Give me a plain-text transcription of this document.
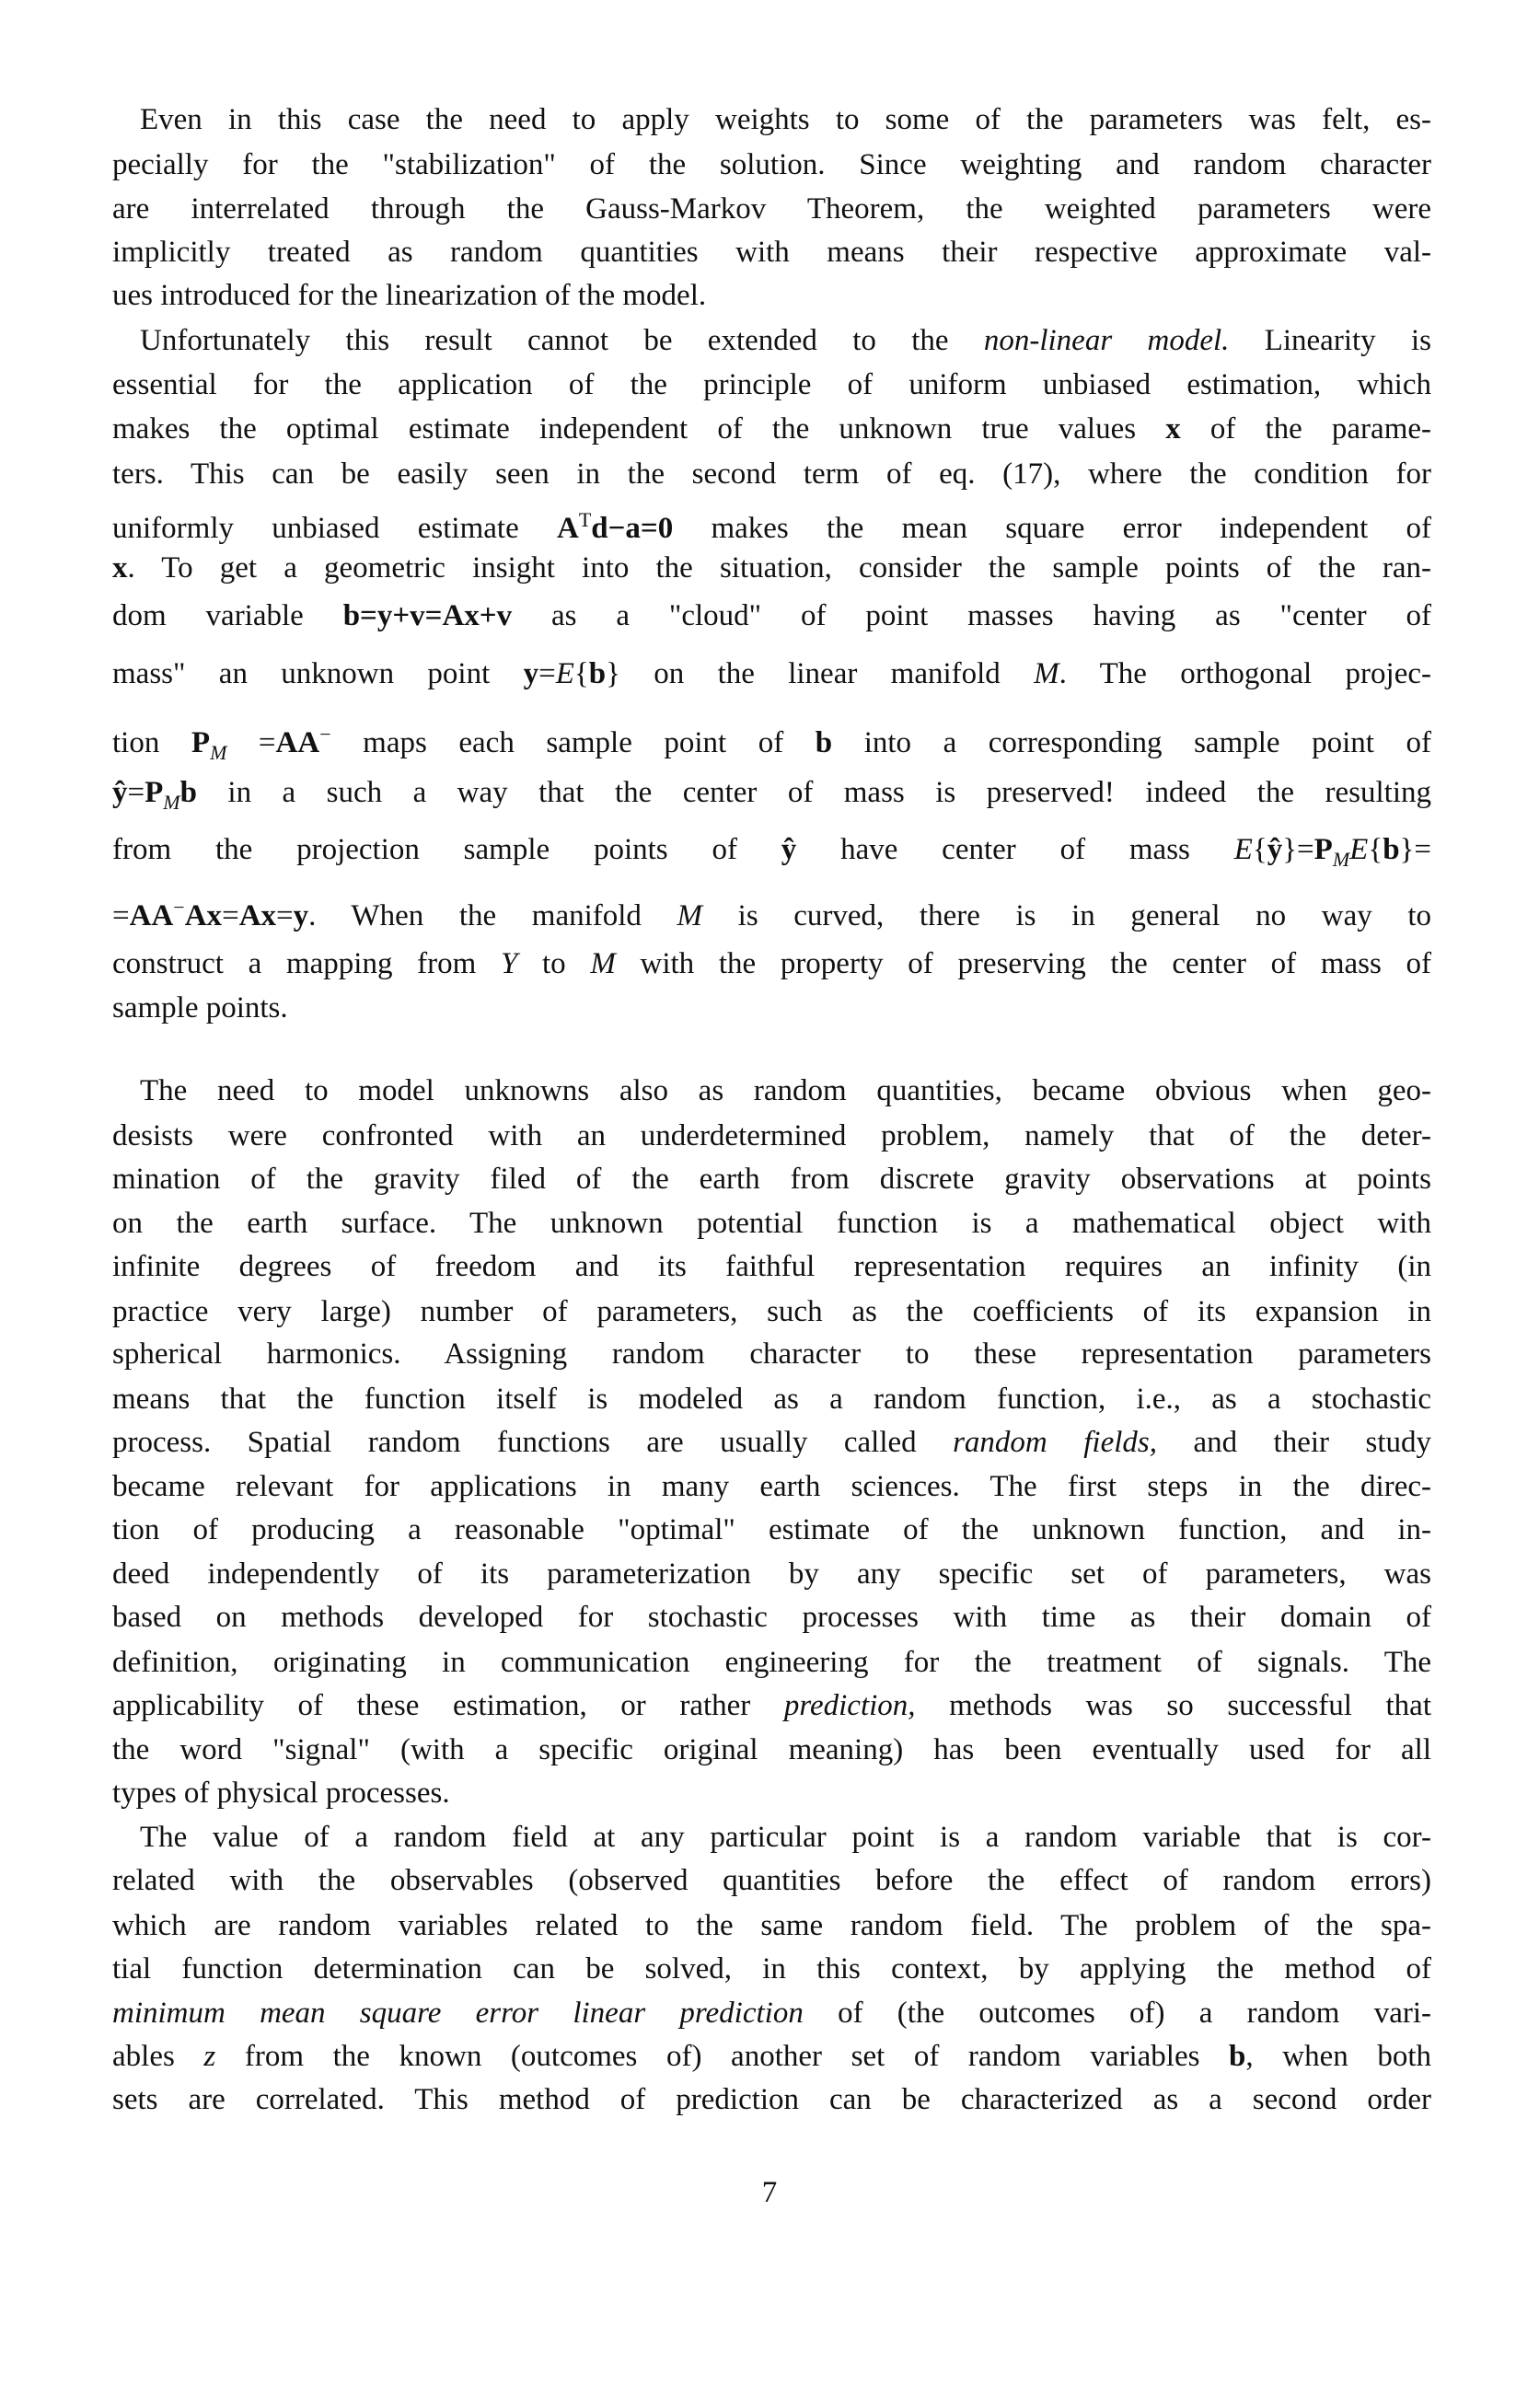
Even in this case the need to apply weights to some of the parameters was felt, es-
pecially for the "stabilization" of the solution. Since weighting and random character
are interrelated through the Gauss-Markov Theorem, the weighted parameters were
implicitly treated as random quantities with means their respective approximate val-
ues introduced for the linearization of the model.
Unfortunately this result cannot be extended to the non-linear model. Linearity is
essential for the application of the principle of uniform unbiased estimation, which
makes the optimal estimate independent of the unknown true values x of the parame-
ters. This can be easily seen in the second term of eq. (17), where the condition for
uniformly unbiased estimate $A^Td-a=0$ makes the mean square error independent of
x. To get a geometric insight into the situation, consider the sample points of the ran-
dom variable b=y+v=Ax+v as a "cloud" of point masses having as "center of
mass" an unknown point y=E{b} on the linear manifold M. The orthogonal projec-
tion $P_M =AA^-$ maps each sample point of b into a corresponding sample point of
$ŷ=P_Mb$ in a such a way that the center of mass is preserved! indeed the resulting
from the projection sample points of ŷ have center of mass $E\{ŷ\}=P_ME\{b\}=$
=AA−Ax=Ax=y. When the manifold M is curved, there is in general no way to
construct a mapping from Y to M with the property of preserving the center of mass of
sample points.
The need to model unknowns also as random quantities, became obvious when geo-
desists were confronted with an underdetermined problem, namely that of the deter-
mination of the gravity filed of the earth from discrete gravity observations at points
on the earth surface. The unknown potential function is a mathematical object with
infinite degrees of freedom and its faithful representation requires an infinity (in
practice very large) number of parameters, such as the coefficients of its expansion in
spherical harmonics. Assigning random character to these representation parameters
means that the function itself is modeled as a random function, i.e., as a stochastic
process. Spatial random functions are usually called random fields, and their study
became relevant for applications in many earth sciences. The first steps in the direc-
tion of producing a reasonable "optimal" estimate of the unknown function, and in-
deed independently of its parameterization by any specific set of parameters, was
based on methods developed for stochastic processes with time as their domain of
definition, originating in communication engineering for the treatment of signals. The
applicability of these estimation, or rather prediction, methods was so successful that
the word "signal" (with a specific original meaning) has been eventually used for all
types of physical processes.
The value of a random field at any particular point is a random variable that is cor-
related with the observables (observed quantities before the effect of random errors)
which are random variables related to the same random field. The problem of the spa-
tial function determination can be solved, in this context, by applying the method of
minimum mean square error linear prediction of (the outcomes of) a random vari-
ables z from the known (outcomes of) another set of random variables b, when both
sets are correlated. This method of prediction can be characterized as a second order
7
